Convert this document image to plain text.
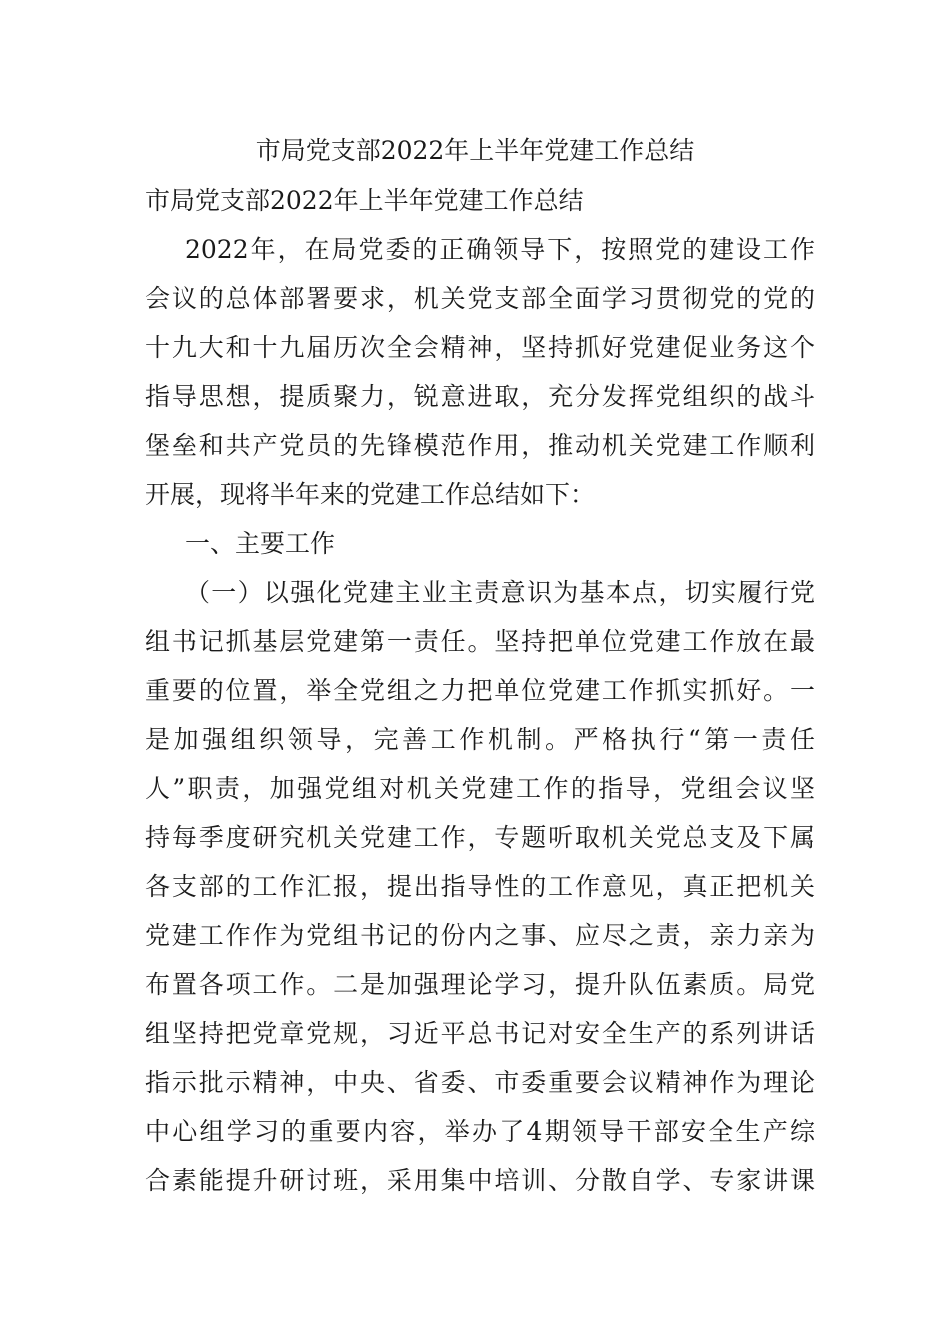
市局党支部2022年上半年党建工作总结
市局党支部2022年上半年党建工作总结
2022年，在局党委的正确领导下，按照党的建设工作
会议的总体部署要求，机关党支部全面学习贯彻党的党的
十九大和十九届历次全会精神，坚持抓好党建促业务这个
指导思想，提质聚力，锐意进取，充分发挥党组织的战斗
堡垒和共产党员的先锋模范作用，推动机关党建工作顺利
开展，现将半年来的党建工作总结如下：
一、主要工作
（一）以强化党建主业主责意识为基本点，切实履行党
组书记抓基层党建第一责任。坚持把单位党建工作放在最
重要的位置，举全党组之力把单位党建工作抓实抓好。一
是加强组织领导，完善工作机制。严格执行“第一责任
人”职责，加强党组对机关党建工作的指导，党组会议坚
持每季度研究机关党建工作，专题听取机关党总支及下属
各支部的工作汇报，提出指导性的工作意见，真正把机关
党建工作作为党组书记的份内之事、应尽之责，亲力亲为
布置各项工作。二是加强理论学习，提升队伍素质。局党
组坚持把党章党规，习近平总书记对安全生产的系列讲话
指示批示精神，中央、省委、市委重要会议精神作为理论
中心组学习的重要内容，举办了4期领导干部安全生产综
合素能提升研讨班，采用集中培训、分散自学、专家讲课
